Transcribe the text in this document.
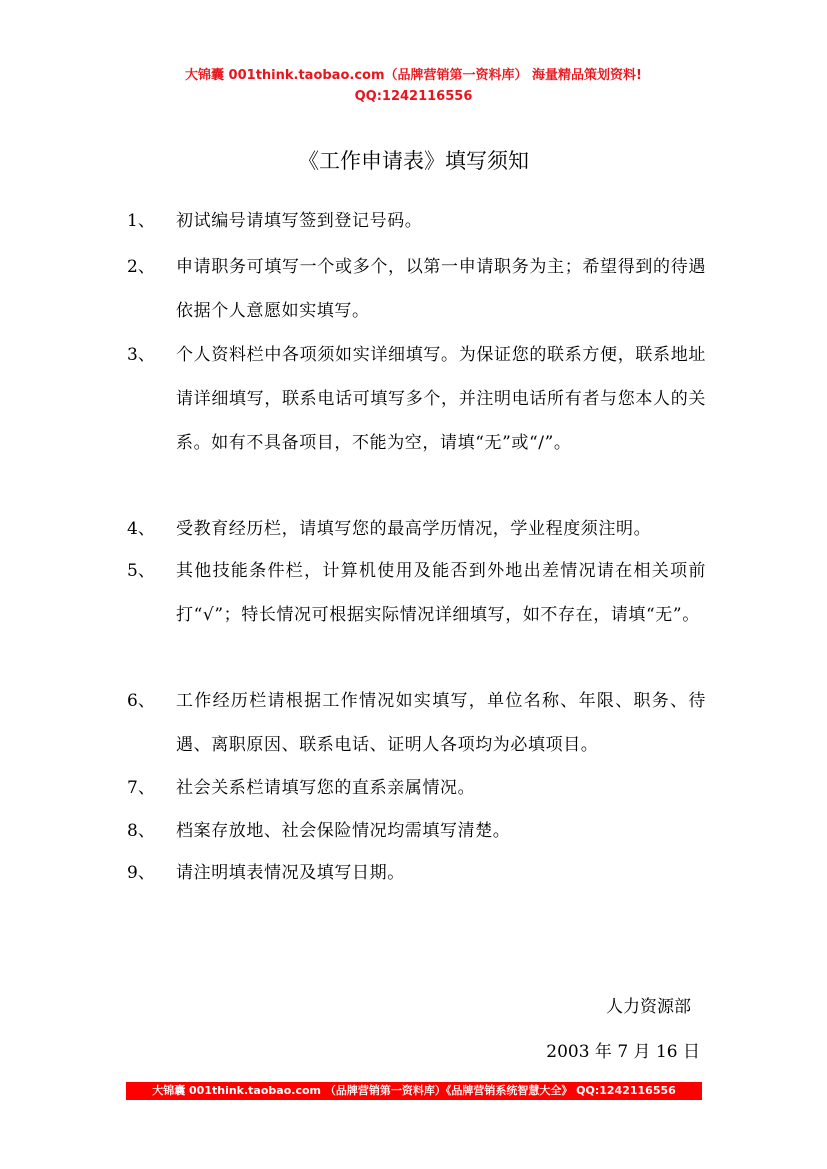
大锦囊 001think.taobao.com（品牌营销第一资料库） 海量精品策划资料!
QQ:1242116556
《工作申请表》填写须知
1、 初试编号请填写签到登记号码。
2、 申请职务可填写一个或多个，以第一申请职务为主；希望得到的待遇依据个人意愿如实填写。
3、 个人资料栏中各项须如实详细填写。为保证您的联系方便，联系地址请详细填写，联系电话可填写多个，并注明电话所有者与您本人的关系。如有不具备项目，不能为空，请填“无”或“/”。
4、 受教育经历栏，请填写您的最高学历情况，学业程度须注明。
5、 其他技能条件栏，计算机使用及能否到外地出差情况请在相关项前打“√”；特长情况可根据实际情况详细填写，如不存在，请填“无”。
6、 工作经历栏请根据工作情况如实填写，单位名称、年限、职务、待遇、离职原因、联系电话、证明人各项均为必填项目。
7、 社会关系栏请填写您的直系亲属情况。
8、 档案存放地、社会保险情况均需填写清楚。
9、 请注明填表情况及填写日期。
人力资源部
2003 年 7 月 16 日
大锦囊 001think.taobao.com （品牌营销第一资料库）《品牌营销系统智慧大全》 QQ:1242116556
